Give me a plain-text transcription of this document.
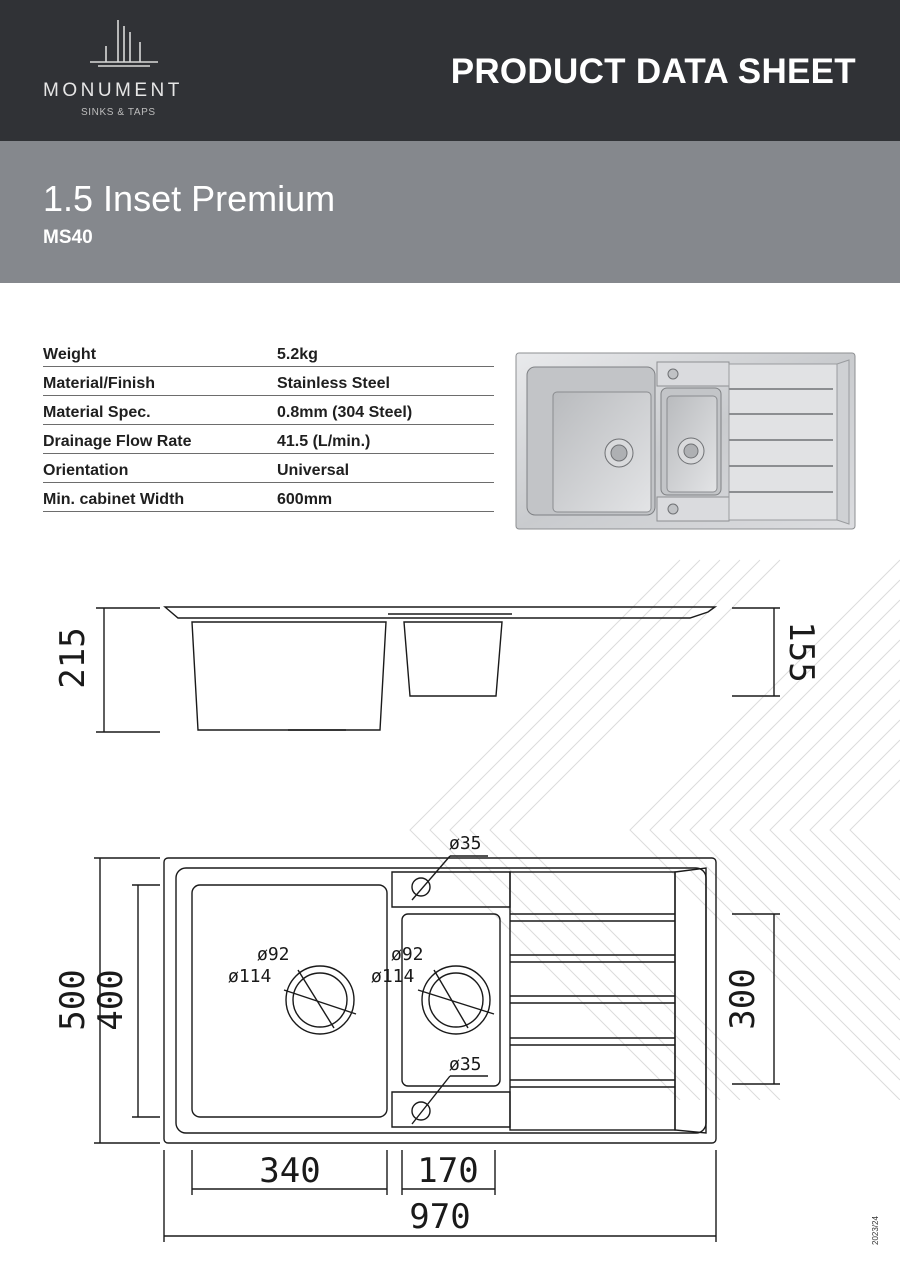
MONUMENT
SINKS & TAPS
PRODUCT DATA SHEET
1.5 Inset Premium
MS40
Weight	5.2kg
Material/Finish	Stainless Steel
Material Spec.	0.8mm (304 Steel)
Drainage Flow Rate	41.5 (L/min.)
Orientation	Universal
Min. cabinet Width	600mm
215	155
500
400	300
ø35
ø35
ø92
ø114
ø92
ø114
340	170
970	2023/24
